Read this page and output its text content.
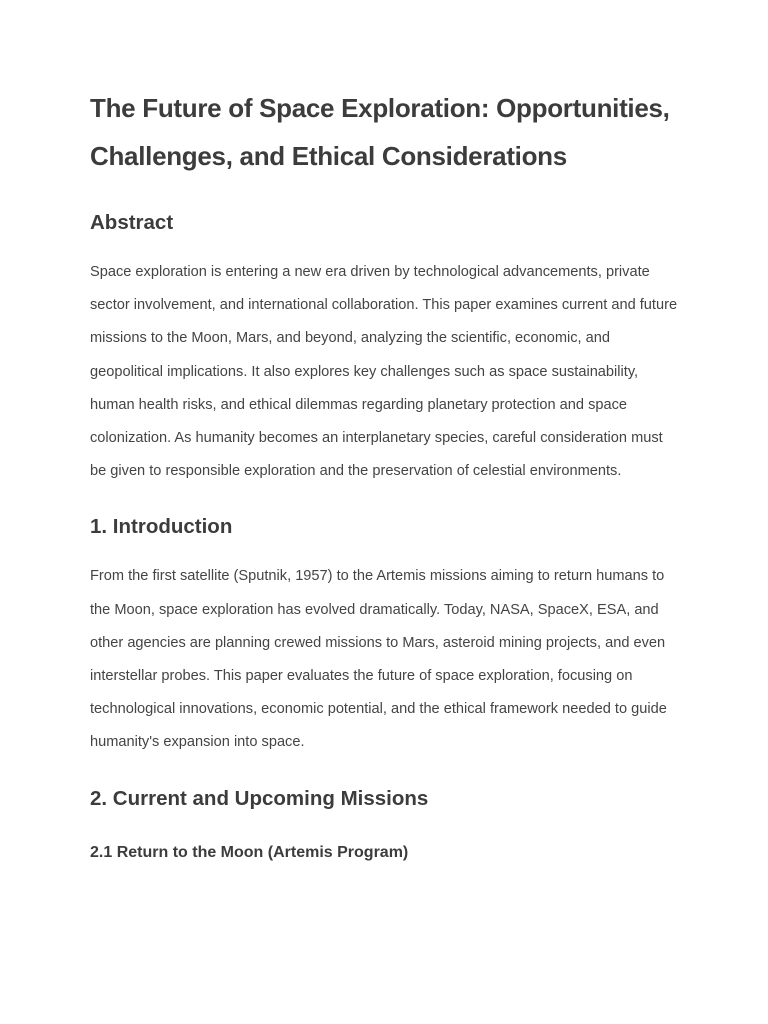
The Future of Space Exploration: Opportunities, Challenges, and Ethical Considerations
Abstract

Space exploration is entering a new era driven by technological advancements, private sector involvement, and international collaboration. This paper examines current and future missions to the Moon, Mars, and beyond, analyzing the scientific, economic, and geopolitical implications. It also explores key challenges such as space sustainability, human health risks, and ethical dilemmas regarding planetary protection and space colonization. As humanity becomes an interplanetary species, careful consideration must be given to responsible exploration and the preservation of celestial environments.

1. Introduction

From the first satellite (Sputnik, 1957) to the Artemis missions aiming to return humans to the Moon, space exploration has evolved dramatically. Today, NASA, SpaceX, ESA, and other agencies are planning crewed missions to Mars, asteroid mining projects, and even interstellar probes. This paper evaluates the future of space exploration, focusing on technological innovations, economic potential, and the ethical framework needed to guide humanity's expansion into space.

2. Current and Upcoming Missions
2.1 Return to the Moon (Artemis Program)
